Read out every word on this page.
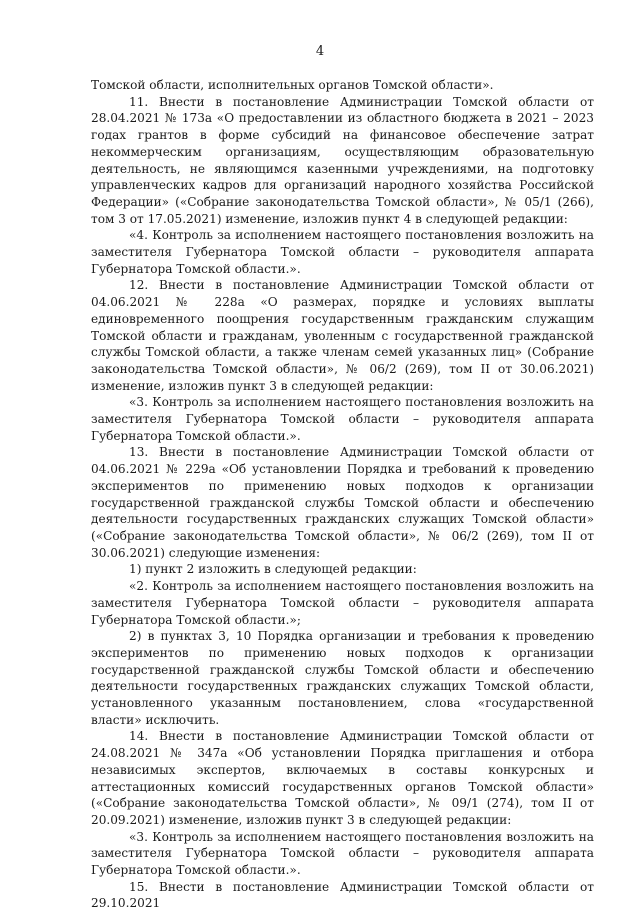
4

Томской области, исполнительных органов Томской области».

11. Внести в постановление Администрации Томской области от 28.04.2021 № 173а «О предоставлении из областного бюджета в 2021 – 2023 годах грантов в форме субсидий на финансовое обеспечение затрат некоммерческим организациям, осуществляющим образовательную деятельность, не являющимся казенными учреждениями, на подготовку управленческих кадров для организаций народного хозяйства Российской Федерации» («Собрание законодательства Томской области», № 05/1 (266), том 3 от 17.05.2021) изменение, изложив пункт 4 в следующей редакции:

«4. Контроль за исполнением настоящего постановления возложить на заместителя Губернатора Томской области – руководителя аппарата Губернатора Томской области.».

12. Внести в постановление Администрации Томской области от 04.06.2021 № 228а «О размерах, порядке и условиях выплаты единовременного поощрения государственным гражданским служащим Томской области и гражданам, уволенным с государственной гражданской службы Томской области, а также членам семей указанных лиц» (Собрание законодательства Томской области», № 06/2 (269), том II от 30.06.2021) изменение, изложив пункт 3 в следующей редакции:

«3. Контроль за исполнением настоящего постановления возложить на заместителя Губернатора Томской области – руководителя аппарата Губернатора Томской области.».

13. Внести в постановление Администрации Томской области от 04.06.2021 № 229а «Об установлении Порядка и требований к проведению экспериментов по применению новых подходов к организации государственной гражданской службы Томской области и обеспечению деятельности государственных гражданских служащих Томской области» («Собрание законодательства Томской области», № 06/2 (269), том II от 30.06.2021) следующие изменения:

1) пункт 2 изложить в следующей редакции:

«2. Контроль за исполнением настоящего постановления возложить на заместителя Губернатора Томской области – руководителя аппарата Губернатора Томской области.»;

2) в пунктах 3, 10 Порядка организации и требования к проведению экспериментов по применению новых подходов к организации государственной гражданской службы Томской области и обеспечению деятельности государственных гражданских служащих Томской области, установленного указанным постановлением, слова «государственной власти» исключить.

14. Внести в постановление Администрации Томской области от 24.08.2021 № 347а «Об установлении Порядка приглашения и отбора независимых экспертов, включаемых в составы конкурсных и аттестационных комиссий государственных органов Томской области» («Собрание законодательства Томской области», № 09/1 (274), том II от 20.09.2021) изменение, изложив пункт 3 в следующей редакции:

«3. Контроль за исполнением настоящего постановления возложить на заместителя Губернатора Томской области – руководителя аппарата Губернатора Томской области.».

15. Внести в постановление Администрации Томской области от 29.10.2021
